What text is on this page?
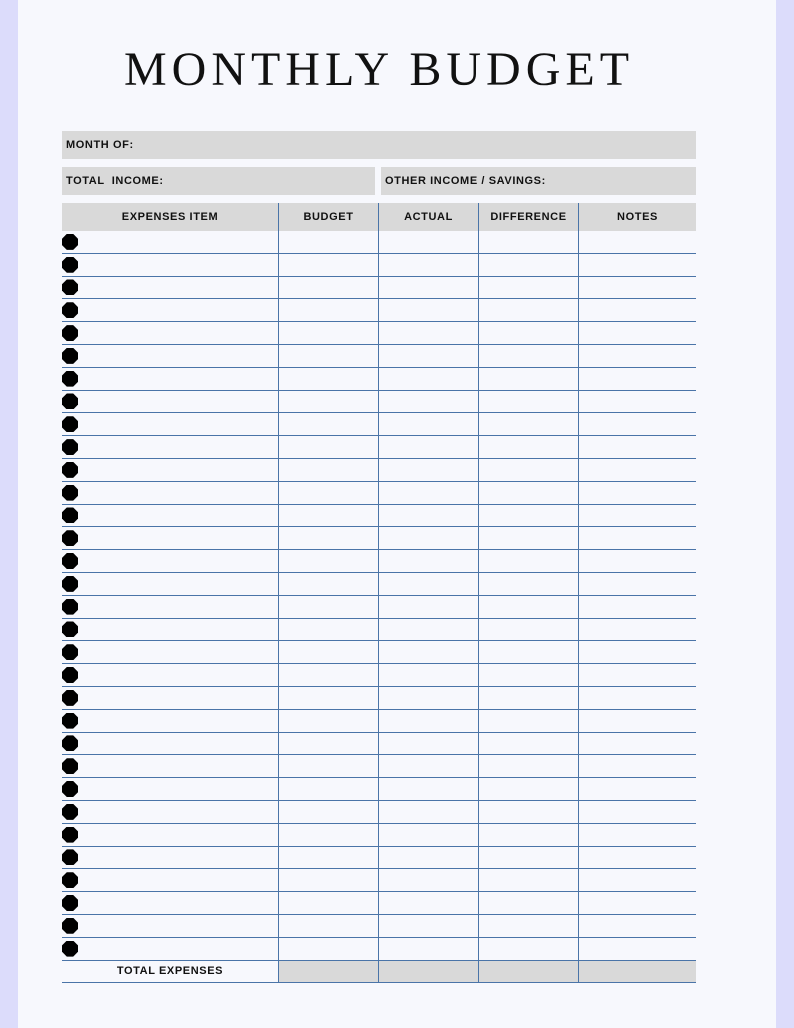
MONTHLY BUDGET
MONTH OF:
TOTAL  INCOME:	OTHER INCOME / SAVINGS:
EXPENSES ITEM	BUDGET	ACTUAL	DIFFERENCE	NOTES
TOTAL EXPENSES
